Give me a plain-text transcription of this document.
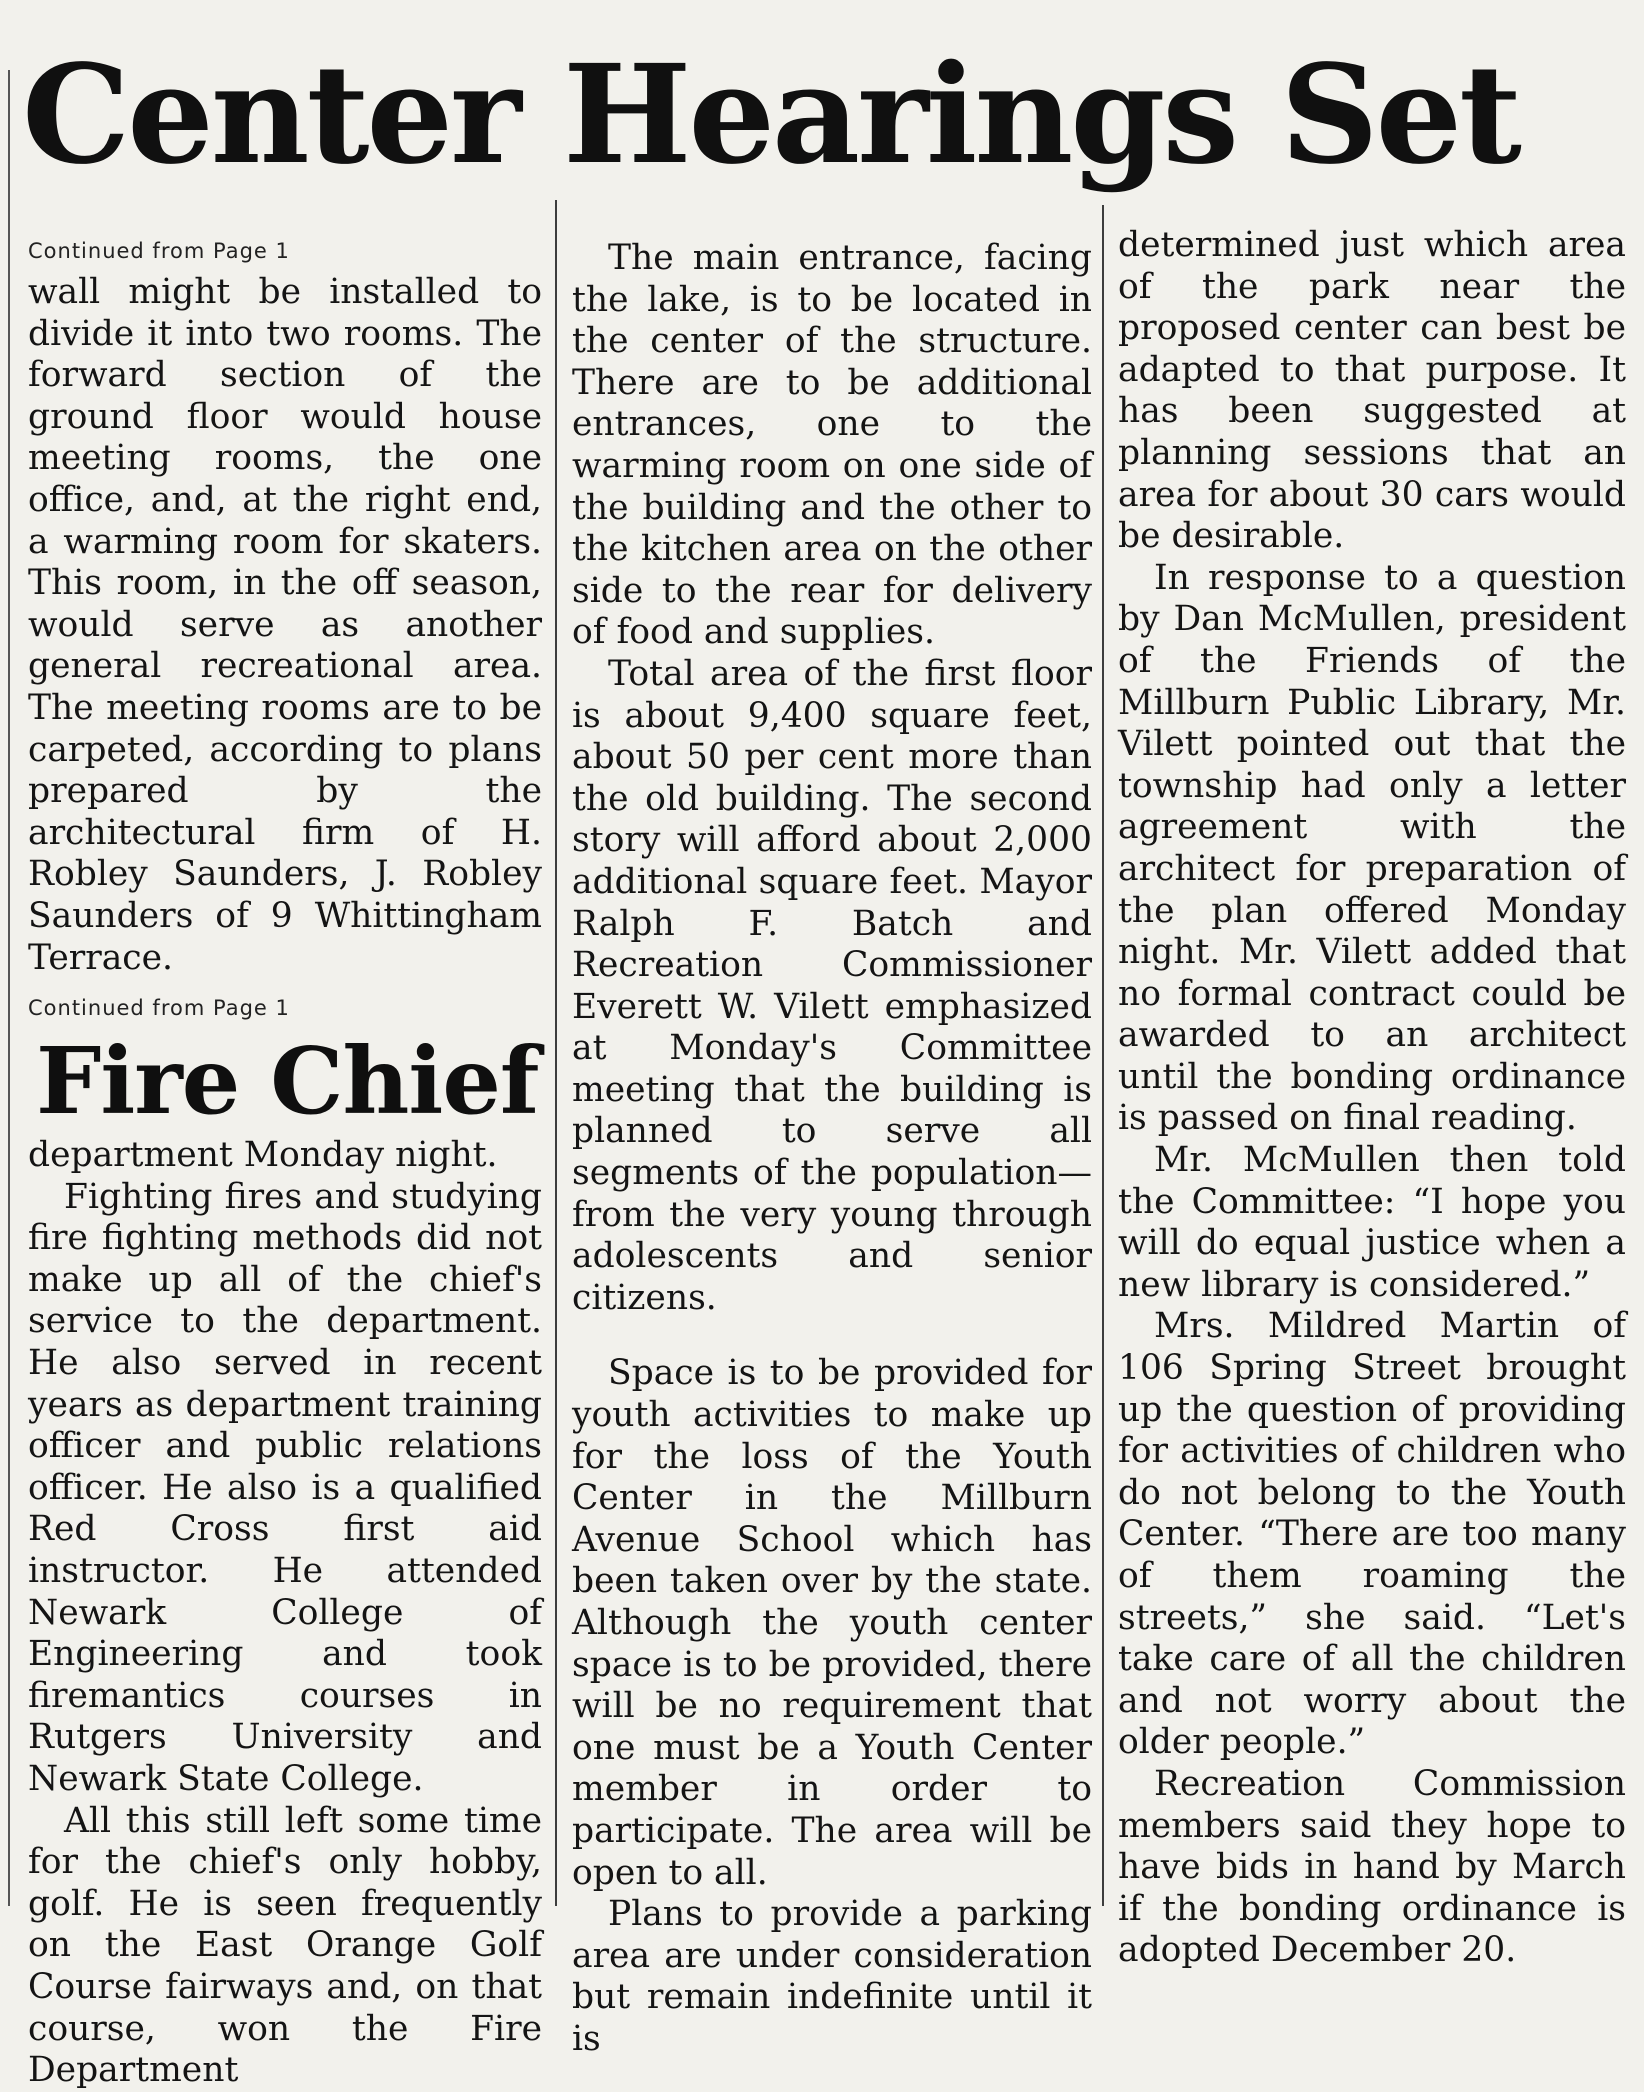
Center Hearings Set
Continued from Page 1

wall might be installed to divide it into two rooms. The forward section of the ground floor would house meeting rooms, the one office, and, at the right end, a warming room for skaters. This room, in the off season, would serve as another general recreational area. The meeting rooms are to be carpeted, according to plans prepared by the architectural firm of H. Robley Saunders, J. Robley Saunders of 9 Whittingham Terrace.

Continued from Page 1
Fire Chief

department Monday night.

Fighting fires and studying fire fighting methods did not make up all of the chief's service to the department. He also served in recent years as department training officer and public relations officer. He also is a qualified Red Cross first aid instructor. He attended Newark College of Engineering and took firemantics courses in Rutgers University and Newark State College.

All this still left some time for the chief's only hobby, golf. He is seen frequently on the East Orange Golf Course fairways and, on that course, won the Fire Department

The main entrance, facing the lake, is to be located in the center of the structure. There are to be additional entrances, one to the warming room on one side of the building and the other to the kitchen area on the other side to the rear for delivery of food and supplies.

Total area of the first floor is about 9,400 square feet, about 50 per cent more than the old building. The second story will afford about 2,000 additional square feet. Mayor Ralph F. Batch and Recreation Commissioner Everett W. Vilett emphasized at Monday's Committee meeting that the building is planned to serve all segments of the population—from the very young through adolescents and senior citizens.

Space is to be provided for youth activities to make up for the loss of the Youth Center in the Millburn Avenue School which has been taken over by the state. Although the youth center space is to be provided, there will be no requirement that one must be a Youth Center member in order to participate. The area will be open to all.

Plans to provide a parking area are under consideration but remain indefinite until it is

determined just which area of the park near the proposed center can best be adapted to that purpose. It has been suggested at planning sessions that an area for about 30 cars would be desirable.

In response to a question by Dan McMullen, president of the Friends of the Millburn Public Library, Mr. Vilett pointed out that the township had only a letter agreement with the architect for preparation of the plan offered Monday night. Mr. Vilett added that no formal contract could be awarded to an architect until the bonding ordinance is passed on final reading.

Mr. McMullen then told the Committee: “I hope you will do equal justice when a new library is considered.”

Mrs. Mildred Martin of 106 Spring Street brought up the question of providing for activities of children who do not belong to the Youth Center. “There are too many of them roaming the streets,” she said. “Let's take care of all the children and not worry about the older people.”

Recreation Commission members said they hope to have bids in hand by March if the bonding ordinance is adopted December 20.
